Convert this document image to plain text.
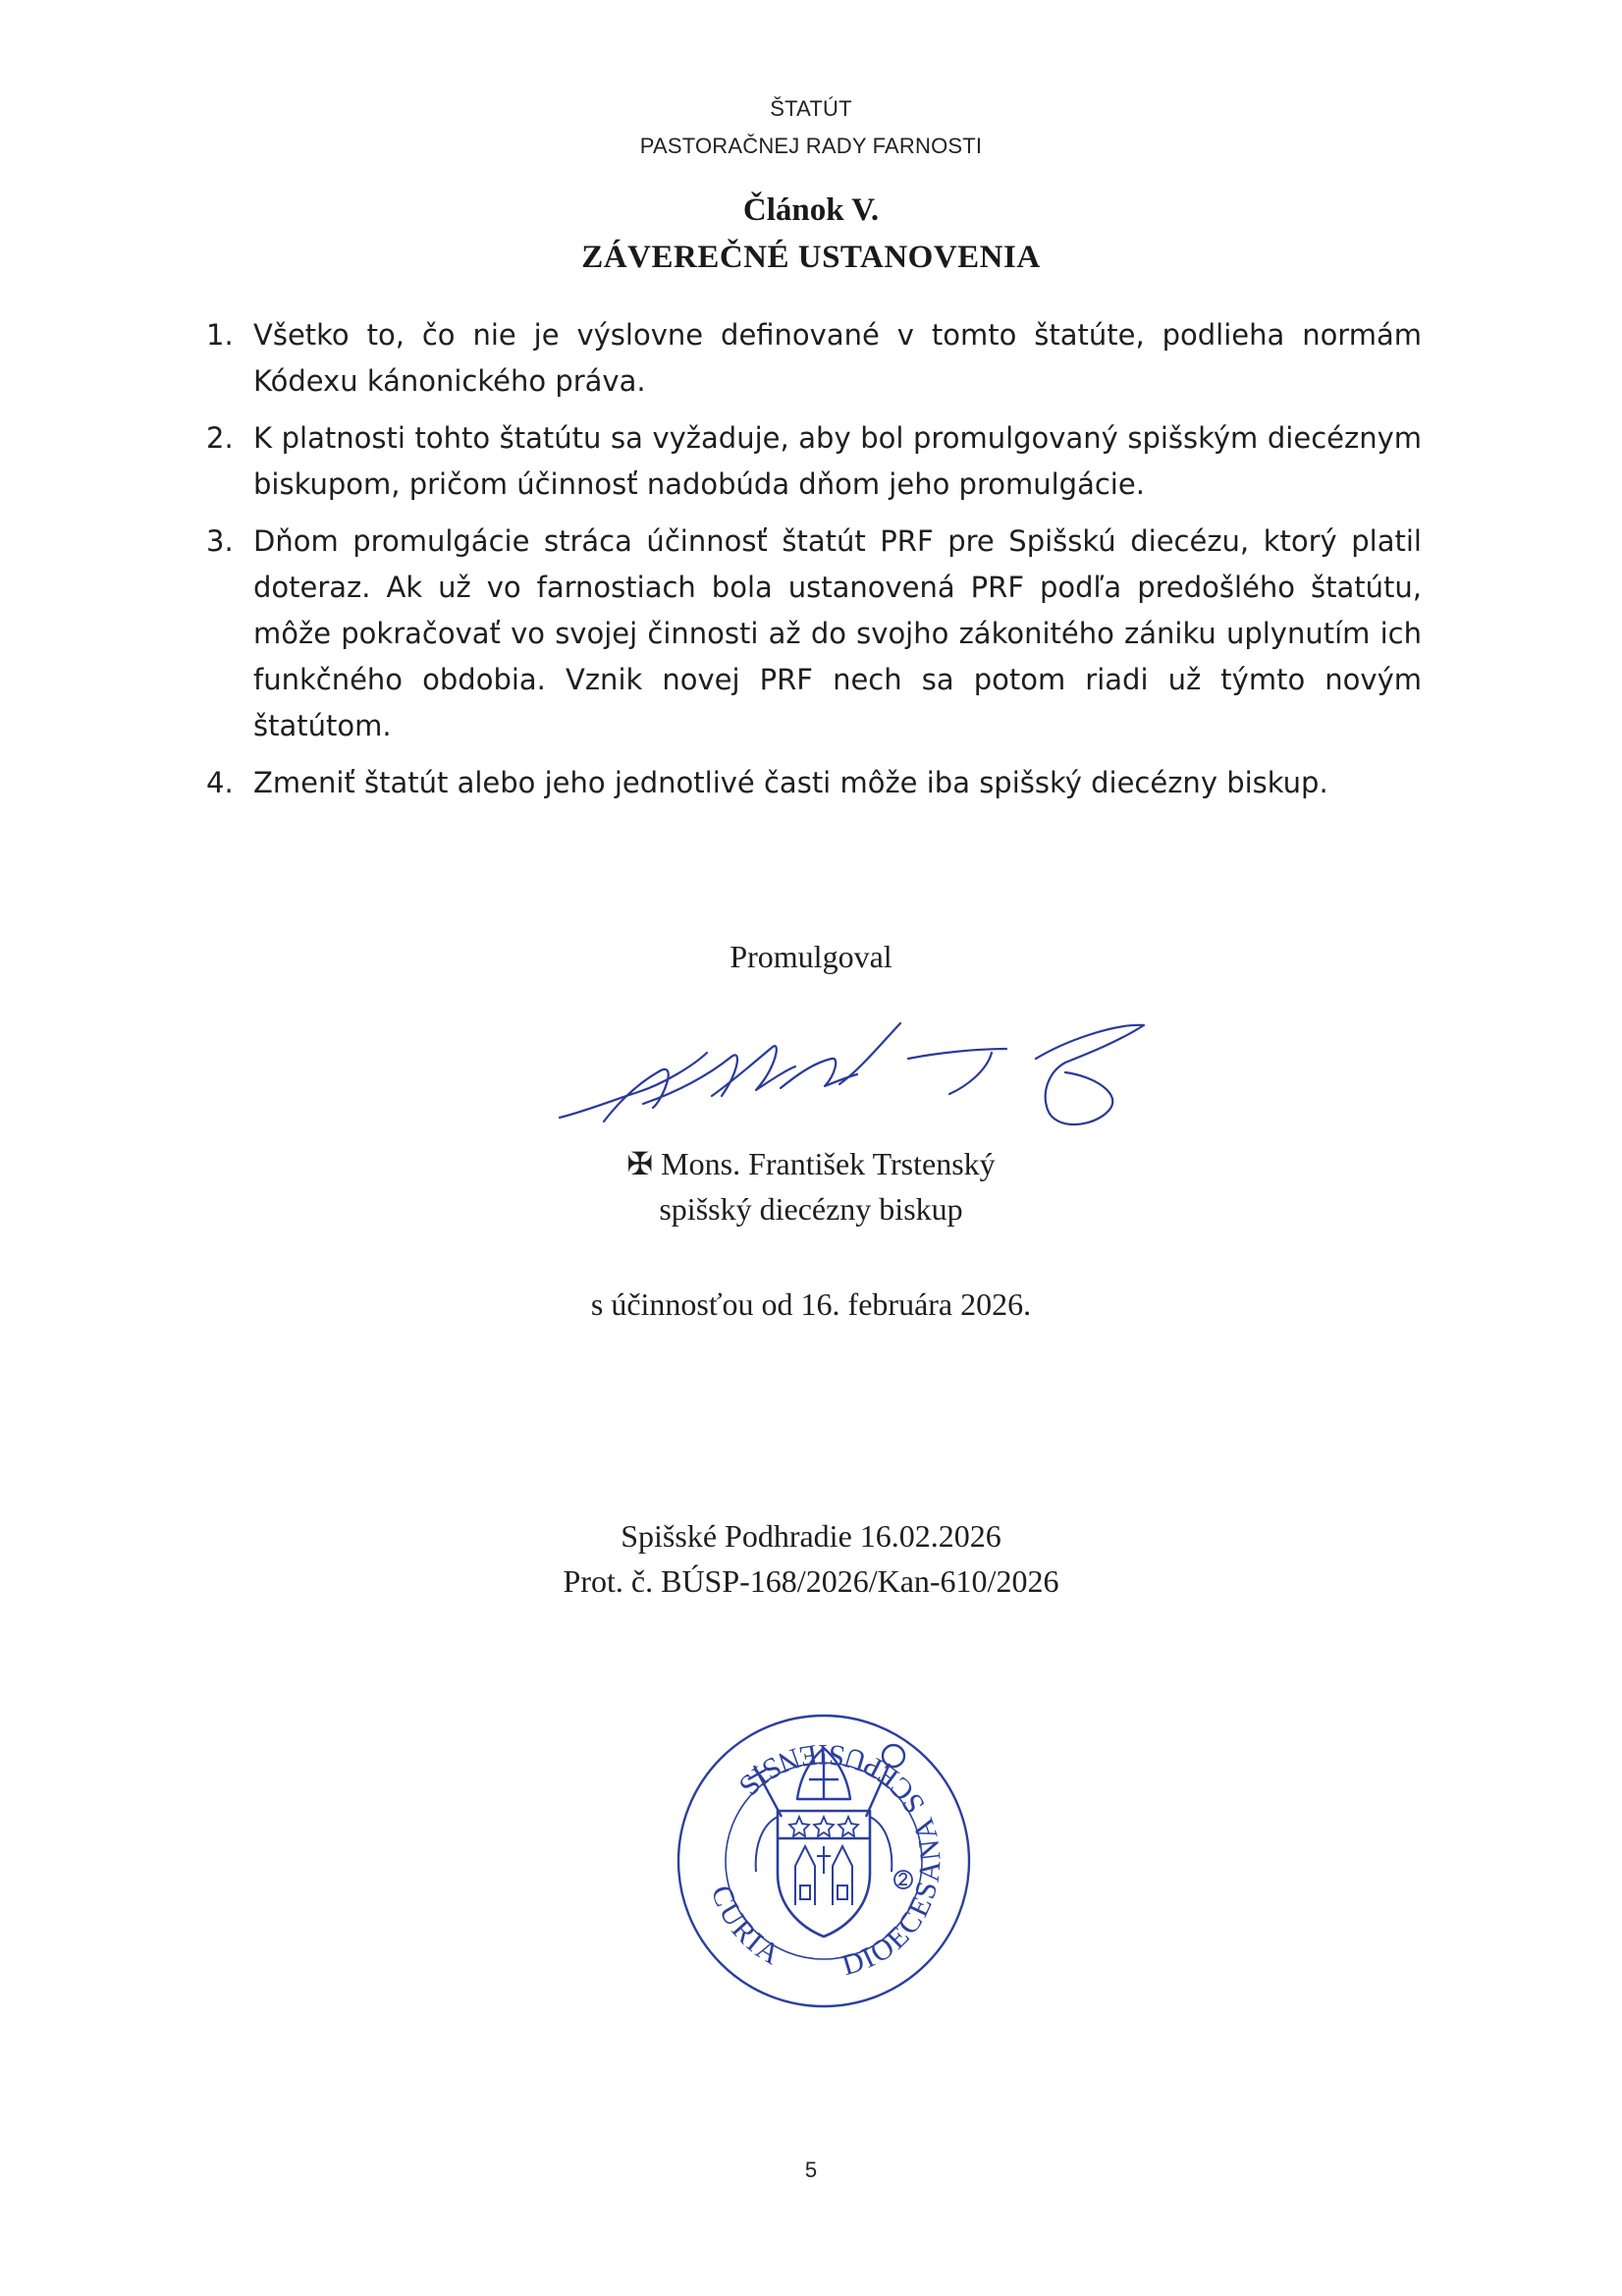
ŠTATÚT
PASTORAČNEJ RADY FARNOSTI
Článok V.
ZÁVEREČNÉ USTANOVENIA
1. Všetko to, čo nie je výslovne definované v tomto štatúte, podlieha normám Kódexu kánonického práva.
2. K platnosti tohto štatútu sa vyžaduje, aby bol promulgovaný spišským diecéznym biskupom, pričom účinnosť nadobúda dňom jeho promulgácie.
3. Dňom promulgácie stráca účinnosť štatút PRF pre Spišskú diecézu, ktorý platil doteraz. Ak už vo farnostiach bola ustanovená PRF podľa predošlého štatútu, môže pokračovať vo svojej činnosti až do svojho zákonitého zániku uplynutím ich funkčného obdobia. Vznik novej PRF nech sa potom riadi už týmto novým štatútom.
4. Zmeniť štatút alebo jeho jednotlivé časti môže iba spišský diecézny biskup.
Promulgoval
✠ Mons. František Trstenský
spišský diecézny biskup
s účinnosťou od 16. februára 2026.
Spišské Podhradie 16.02.2026
Prot. č. BÚSP-168/2026/Kan-610/2026
CURIA DIOECESANA
SCEPUSIENSIS
5
